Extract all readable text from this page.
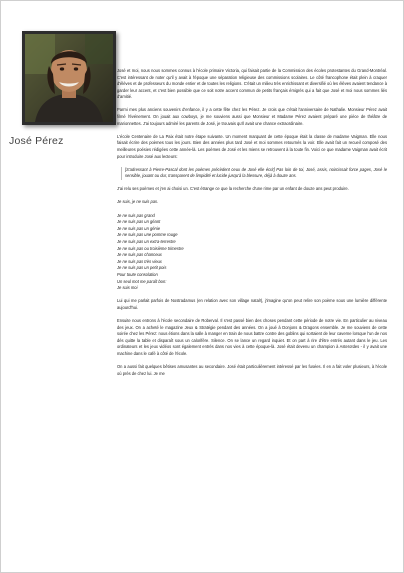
José Pérez

José et moi, nous nous sommes connus à l'école primaire Victoria, qui faisait partie de la Commission des écoles protestantes du Grand-Montréal. C'est intéressant de noter qu'il y avait à l'époque une séparation religieuse des commissions scolaires. Le côté francophone était plein à craquer d'élèves et de professeurs du monde entier et de toutes les religions. C'était un milieu très enrichissant et diversifié où les élèves avaient tendance à garder leur accent, et c'est bien possible que ce soit notre accent commun de petits français émigrés qui a fait que José et moi nous sommes liés d'amitié.

Parmi mes plus anciens souvenirs d'enfance, il y a cette fête chez les Pérez. Je crois que c'était l'anniversaire de Nathalie. Monsieur Pérez avait filmé l'événement. On jouait aux cowboys, je me souviens aussi que Monsieur et Madame Pérez avaient préparé une pièce de théâtre de marionnettes. J'ai toujours admiré les parents de José, je trouvais qu'il avait une chance extraordinaire.

L'école Centenaire de La Paix était notre étape suivante. Un moment marquant de cette époque était la classe de madame Vaigman. Elle nous faisait écrire des poèmes tous les jours. Bien des années plus tard José et moi sommes retournés la voir. Elle avait fait un recueil composé des meilleures poésies rédigées cette année-là. Les poèmes de José et les miens se retrouvent à la toute fin. Voici ce que madame Vaigman avait écrit pour introduire José aux lecteurs:

[S'adressant à Pierre-Pascal dont les poèmes précèdent ceux de José elle écrit] Pas loin de toi, José, assis, noircissait force pages, José le sensible, jouant ou dur, transparent de limpidité et lucide jusqu'à la blessure, déjà à douze ans.

J'ai relu ses poèmes et j'en ai choisi un. C'est étrange ce que la recherche d'une rime par un enfant de douze ans peut produire.

Je suis, je ne suis pas.
Je ne suis pas grand
Je ne suis pas un géant
Je ne suis pas un génie
Je ne suis pas une pomme rouge
Je ne suis pas un extra-terrestre
Je ne suis pas ou troisième trimestre
Je ne suis pas chanceux
Je ne suis pas très vieux
Je ne suis pas un petit pois
Pour toute consolation
Un seul mot me paraît bon:
Je suis moi

Lui qui me parlait parfois de Nostradamus (en relation avec son village natal!), j'imagine qu'on peut relire son poème sous une lumière différente aujourd'hui.

Ensuite nous entrons à l'école secondaire de Roberval. Il s'est passé bien des choses pendant cette période de notre vie. En particulier au niveau des jeux. On a acheté le magazine Jeux & Stratégie pendant des années. On a joué à Donjons & Dragons ensemble. Je me souviens de cette soirée chez les Pérez: nous étions dans la salle à manger en train de nous battre contre des goblins qui sortaient de leur caverne lorsque l'un de nos dés quitte la table et disparaît sous un calorifère. Silence. On se lance un regard inquiet. Et on part à rire d'être entrés autant dans le jeu. Les ordinateurs et les jeux vidéos sont également entrés dans nos vies à cette époque-là. José était devenu un champion à Asteroïdes - il y avait une machine dans le café à côté de l'école.

On a aussi fait quelques bêtises amusantes au secondaire. José était particulièrement intéressé par les fusées. Il en a fait voler plusieurs, à l'école où près de chez lui. Je me
